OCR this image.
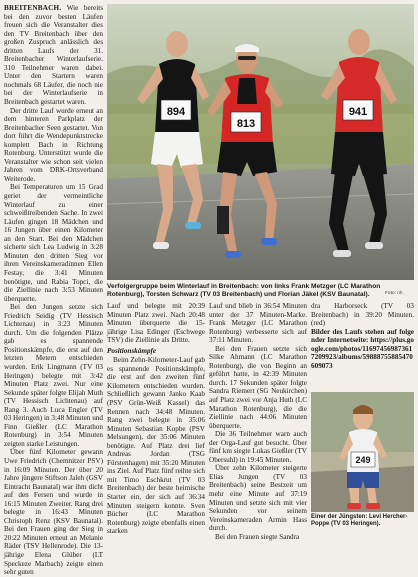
BREITENBACH. Wie bereits bei den zuvor besten Läufen freuen sich die Veranstalter dies den TV Breitenbach über den großen Zuspruch anlässlich des dritten Laufs der 31. Breitenbacher Winterlaufserie. 310 Teilnehmer waren dabei. Unter den Startern waren nochmals 68 Läufer, die noch nie bei der Winterlaufserie in Breitenbach gestartet waren.

Der dritte Lauf wurde erneut an dem hinteren Parkplatz der Breitenbacher Seen gestartet. Von dort führt die Wendepunktstrecke komplett Bach in Richtung Rotenburg. Unterstützt wurde die Veranstalter wie schon seit vielen Jahren vom DRK-Ortsverband Weiterode.

Bei Temperaturen um 15 Grad geriet der vermeintliche Winterlauf zu einer schweißtreibenden Sache. In zwei Läufen gingen 18 Mädchen und 16 Jungen über einen Kilometer an den Start. Bei den Mädchen sicherte sich Lea Ludwig in 3:28 Minuten den dritten Sieg vor ihren Vereinskameradinnen Ellen Festay, die 3:41 Minuten benötigte, und Rabia Topci, die die Ziellinie nach 3:53 Minuten überquerte.

Bei den Jungen setzte sich Friedrich Seidig (TV Hessisch Lichtenau) in 3:23 Minuten durch. Um die folgenden Plätze gab es spannende Positionskämpfe, die erst auf den letzten Metern entschieden wurden. Erik Lingmann (TV 03 Heringen) belegte mit 3:42 Minuten Platz zwei. Nur eine Sekunde später folgte Elijah Muth (TV Hessisch Lichtenau) auf Rang 3. Auch Luca Engler (TV 03 Heringen) in 3:48 Minuten und Finn Gießler (LC Marathon Rotenburg) in 3:54 Minuten zeigten starke Leistungen.

Über fünf Kilometer gewann Uwe Friedrich (Chemnitzer PSV) in 16:09 Minuten. Der über 20 Jahre jüngere Stiftson Jaleh (GSV Eintracht Baunatal) war ihm dicht auf den Fersen und wurde in 16:15 Minuten Zweiter. Rang drei belegte in 16:43 Minuten Christoph Renz (KSV Baunatal). Bei den Frauen ging der Sieg in 20:22 Minuten erneut an Melanie Räder (TSV Hellenrode). Die 13-jährige Elena Glüber (LT Speckeze Marbach) zeigte einen sehr guten

894
813
941
Verfolgergruppe beim Winterlauf in Breitenbach: von links Frank Metzger (LC Marathon Rotenburg), Torsten Schwarz (TV 03 Breitenbach) und Florian Jäkel (KSV Baunatal).	Foto: nh

Lauf und belegte mit 20:39 Minuten Platz zwei. Nach 20:48 Minuten überquerte die 15-jährige Lisa Edinger (Eschwege TSV) die Ziellinie als Dritte.

Positionskämpfe

Beim Zehn-Kilometer-Lauf gab es spannende Positionskämpfe, die erst auf den zweiten fünf Kilometern entschieden wurden. Schließlich gewann Janko Kaab (PSV Grün-Weiß Kassel) das Rennen nach 34:48 Minuten. Rang zwei belegte in 35:06 Minuten Sebastian Kopbe (PSV Melsungen), der 35:06 Minuten benötigte. Auf Platz drei lief Andreas Jordan (TSG Fürstenhagen) mit 35:20 Minuten ins Ziel. Auf Platz fünf reihte sich mit Timo Eschkrut (TV 03 Breitenbach) der beste heimische Starter ein, der sich auf 36:34 Minuten steigern konnte. Sven Bücher (LC Marathon Rotenburg) zeigte ebenfalls einen starken

Lauf und blieb in 36:54 Minuten unter der 37 Minuten-Marke. Frank Metzger (LC Marathon Rotenburg) verbesserte sich auf 37:11 Minuten.

Bei den Frauen setzte sich Silke Ahmann (LC Marathon Rotenburg), die von Beginn an geführt hatte, in 42:39 Minuten durch. 17 Sekunden später folgte Sandra Riemert (SG Neukirchen) auf Platz zwei vor Anja Huth (LC Marathon Rotenburg), die die Ziellinie nach 44:06 Minuten überquerte.

Die 36 Teilnehmer warn auch der Orga-Lauf gut besucht. Über fünf km siegte Lukas Gießler (TV Obersuhl) in 19:45 Minuten.

Über zehn Kilometer steigerte Elias Jungen (TV 03 Breitenbach) seine Bestzeit um mehr eine Minute auf 37:19 Minuten und setzte sich mit vier Sekunden vor seinem Vereinskameraden Armin Hass durch.

Bei den Frauen siegte Sandra

dra Harborseck (TV 03 Breitenbach) in 39:20 Minuten. (red)

Bilder des Laufs stehen auf folgender Internetseite: https://plus.google.com/photos/116974569873617209923/albums/59888755885470609073

249
Einer der Jüngsten: Levi Hercher-Poppe (TV 03 Heringen).
